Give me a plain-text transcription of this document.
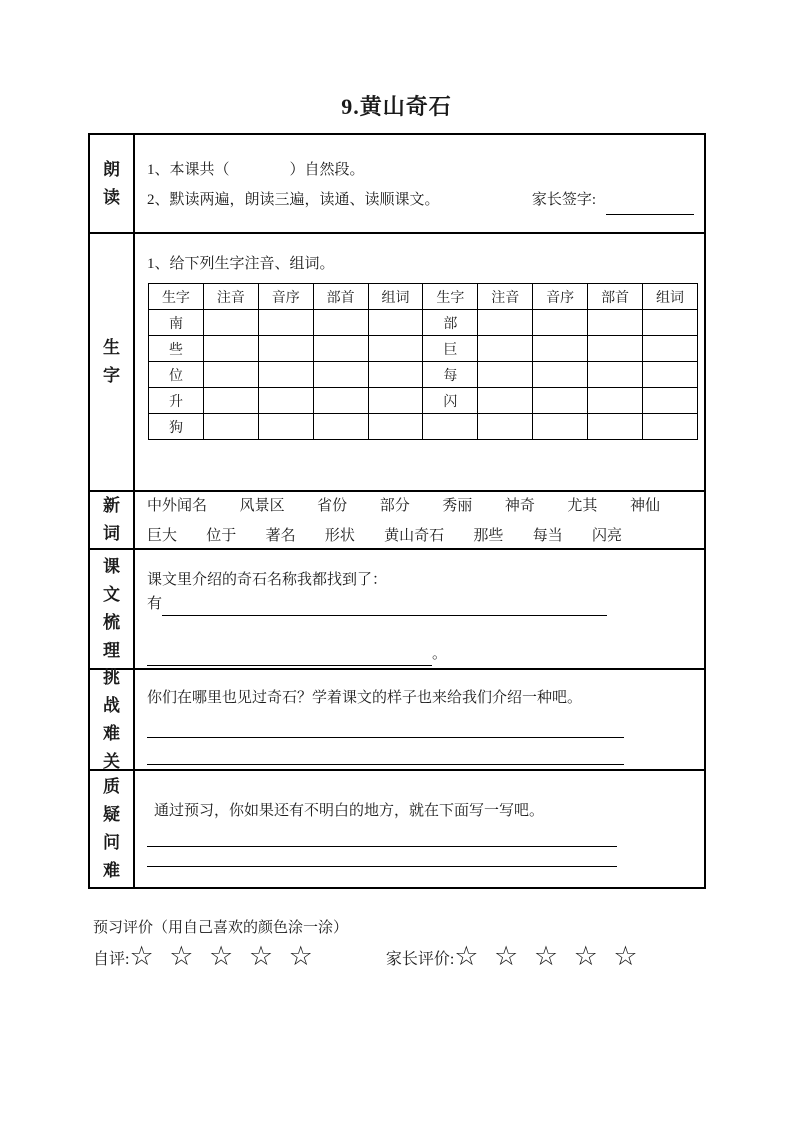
9.黄山奇石
朗读

1、本课共（　　　　）自然段。

2、默读两遍，朗读三遍，读通、读顺课文。	家长签字:
生字

1、给下列生字注音、组词。

生字	注音	音序	部首	组词	生字	注音	音序	部首	组词
南					部				
些					巨				
位					每				
升					闪				
狗									
新词
中外闻名 风景区 省份 部分 秀丽 神奇 尤其 神仙
巨大 位于 著名 形状 黄山奇石 那些 每当 闪亮
课文梳理

课文里介绍的奇石名称我都找到了：

有
。
挑战难关

你们在哪里也见过奇石？学着课文的样子也来给我们介绍一种吧。

质疑问难

通过预习，你如果还有不明白的地方，就在下面写一写吧。

预习评价（用自己喜欢的颜色涂一涂）

自评: ☆ ☆ ☆ ☆ ☆	家长评价: ☆ ☆ ☆ ☆ ☆
